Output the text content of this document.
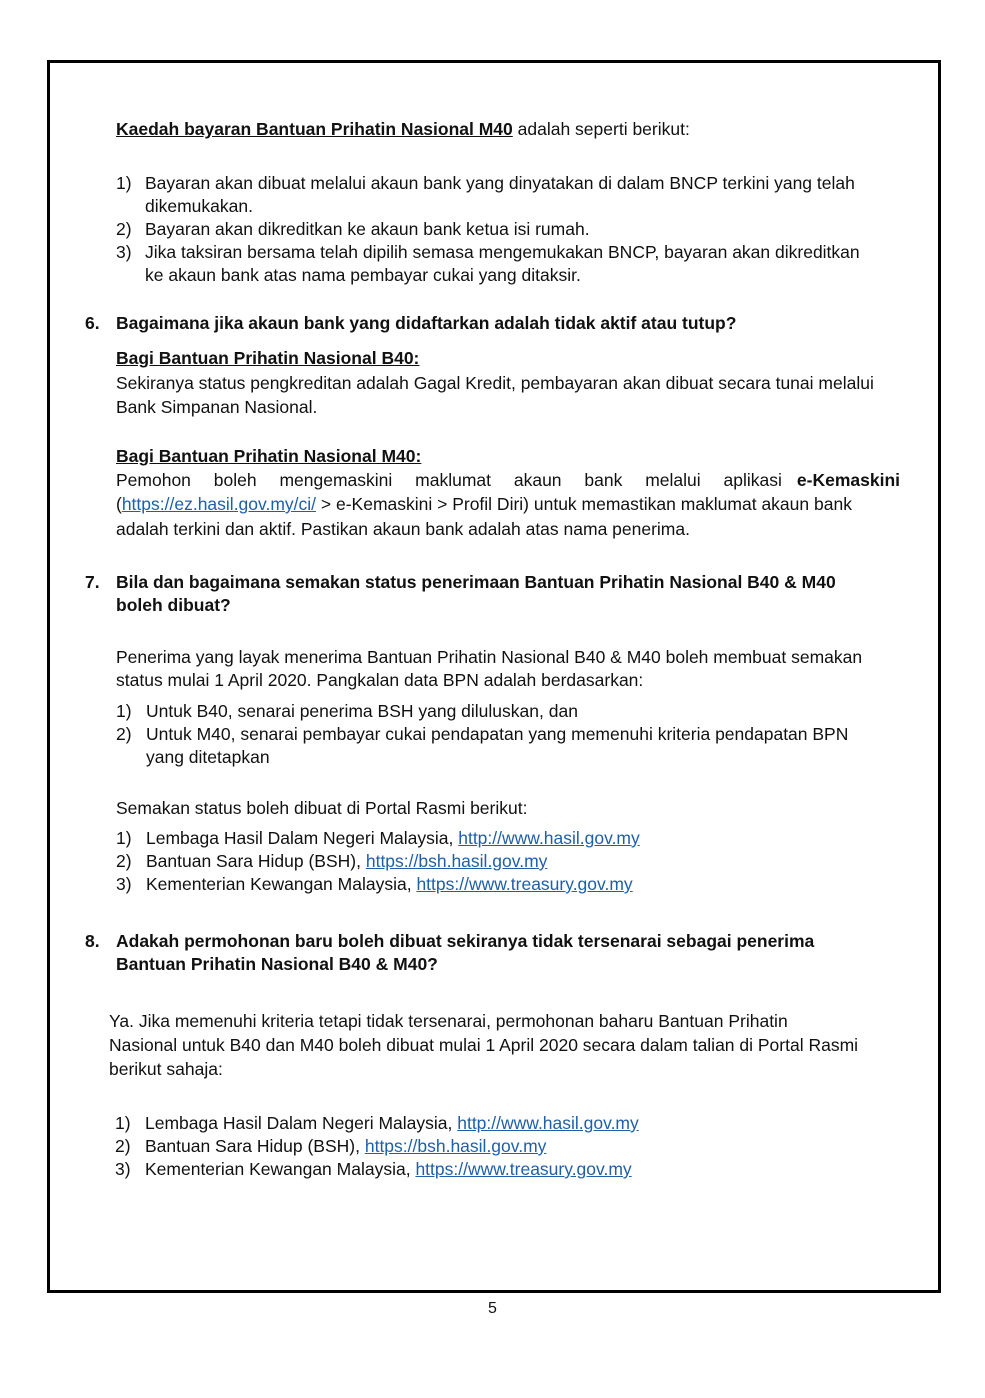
Kaedah bayaran Bantuan Prihatin Nasional M40 adalah seperti berikut:
1) Bayaran akan dibuat melalui akaun bank yang dinyatakan di dalam BNCP terkini yang telah
dikemukakan.
2) Bayaran akan dikreditkan ke akaun bank ketua isi rumah.
3) Jika taksiran bersama telah dipilih semasa mengemukakan BNCP, bayaran akan dikreditkan
ke akaun bank atas nama pembayar cukai yang ditaksir.
6. Bagaimana jika akaun bank yang didaftarkan adalah tidak aktif atau tutup?
Bagi Bantuan Prihatin Nasional B40:
Sekiranya status pengkreditan adalah Gagal Kredit, pembayaran akan dibuat secara tunai melalui
Bank Simpanan Nasional.
Bagi Bantuan Prihatin Nasional M40:
Pemohon boleh mengemaskini maklumat akaun bank melalui aplikasi e-Kemaskini
(https://ez.hasil.gov.my/ci/ > e-Kemaskini > Profil Diri) untuk memastikan maklumat akaun bank
adalah terkini dan aktif. Pastikan akaun bank adalah atas nama penerima.
7. Bila dan bagaimana semakan status penerimaan Bantuan Prihatin Nasional B40 & M40
boleh dibuat?
Penerima yang layak menerima Bantuan Prihatin Nasional B40 & M40 boleh membuat semakan
status mulai 1 April 2020. Pangkalan data BPN adalah berdasarkan:
1) Untuk B40, senarai penerima BSH yang diluluskan, dan
2) Untuk M40, senarai pembayar cukai pendapatan yang memenuhi kriteria pendapatan BPN
yang ditetapkan
Semakan status boleh dibuat di Portal Rasmi berikut:
1) Lembaga Hasil Dalam Negeri Malaysia, http://www.hasil.gov.my
2) Bantuan Sara Hidup (BSH), https://bsh.hasil.gov.my
3) Kementerian Kewangan Malaysia, https://www.treasury.gov.my
8. Adakah permohonan baru boleh dibuat sekiranya tidak tersenarai sebagai penerima
Bantuan Prihatin Nasional B40 & M40?
Ya. Jika memenuhi kriteria tetapi tidak tersenarai, permohonan baharu Bantuan Prihatin
Nasional untuk B40 dan M40 boleh dibuat mulai 1 April 2020 secara dalam talian di Portal Rasmi
berikut sahaja:
1) Lembaga Hasil Dalam Negeri Malaysia, http://www.hasil.gov.my
2) Bantuan Sara Hidup (BSH), https://bsh.hasil.gov.my
3) Kementerian Kewangan Malaysia, https://www.treasury.gov.my
5
